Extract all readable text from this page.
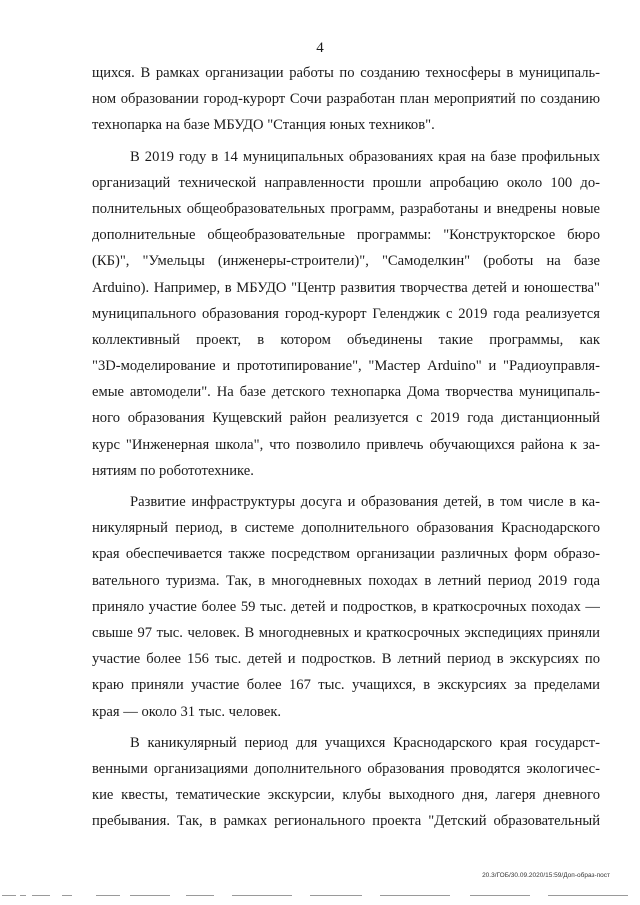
4
щихся. В рамках организации работы по созданию техносферы в муниципаль-
ном образовании город-курорт Сочи разработан план мероприятий по созданию
технопарка на базе МБУДО "Станция юных техников".
В 2019 году в 14 муниципальных образованиях края на базе профильных
организаций технической направленности прошли апробацию около 100 до-
полнительных общеобразовательных программ, разработаны и внедрены новые
дополнительные общеобразовательные программы: "Конструкторское бюро
(КБ)", "Умельцы (инженеры-строители)", "Самоделкин" (роботы на базе
Arduino). Например, в МБУДО "Центр развития творчества детей и юношества"
муниципального образования город-курорт Геленджик с 2019 года реализуется
коллективный проект, в котором объединены такие программы, как
"3D-моделирование и прототипирование", "Мастер Arduino" и "Радиоуправля-
емые автомодели". На базе детского технопарка Дома творчества муниципаль-
ного образования Кущевский район реализуется с 2019 года дистанционный
курс "Инженерная школа", что позволило привлечь обучающихся района к за-
нятиям по робототехнике.
Развитие инфраструктуры досуга и образования детей, в том числе в ка-
никулярный период, в системе дополнительного образования Краснодарского
края обеспечивается также посредством организации различных форм образо-
вательного туризма. Так, в многодневных походах в летний период 2019 года
приняло участие более 59 тыс. детей и подростков, в краткосрочных походах —
свыше 97 тыс. человек. В многодневных и краткосрочных экспедициях приняли
участие более 156 тыс. детей и подростков. В летний период в экскурсиях по
краю приняли участие более 167 тыс. учащихся, в экскурсиях за пределами
края — около 31 тыс. человек.
В каникулярный период для учащихся Краснодарского края государст-
венными организациями дополнительного образования проводятся экологичес-
кие квесты, тематические экскурсии, клубы выходного дня, лагеря дневного
пребывания. Так, в рамках регионального проекта "Детский образовательный
20.3/ГОБ/30.09.2020/15:59/Доп-образ-пост
